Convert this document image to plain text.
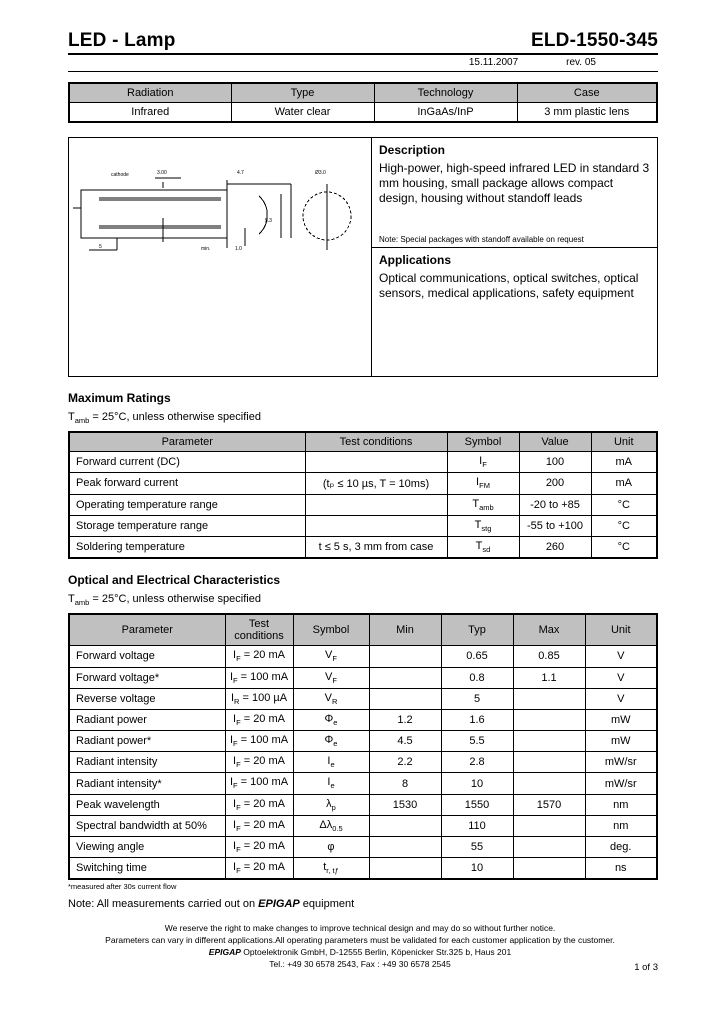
LED - Lamp	ELD-1550-345
15.11.2007	rev. 05
Radiation	Type	Technology	Case
Infrared	Water clear	InGaAs/InP	3 mm plastic lens
cathode	3.00	4.7	Ø3.0
5.3
min.	1.0
5
Description
High-power, high-speed infrared LED in standard 3 mm housing, small package allows compact design, housing without standoff leads
Note: Special packages with standoff available on request
Applications
Optical communications, optical switches, optical sensors, medical applications, safety equipment
Maximum Ratings
$T_{amb} = 25^\circ C$, unless otherwise specified
Parameter	Test conditions	Symbol	Value	Unit
Forward current (DC)		$I_F$	100	mA
Peak forward current	(tₚ ≤ 10 µs, T = 10ms)	$I_{FM}$	200	mA
Operating temperature range		$T_{amb}$	-20 to +85	°C
Storage temperature range		$T_{stg}$	-55 to +100	°C
Soldering temperature	t ≤ 5 s, 3 mm from case	$T_{sd}$	260	°C
Optical and Electrical Characteristics
$T_{amb} = 25^\circ C$, unless otherwise specified
Parameter	Test conditions	Symbol	Min	Typ	Max	Unit
Forward voltage	$I_F = 20$ mA	$V_F$		0.65	0.85	V
Forward voltage*	$I_F = 100$ mA	$V_F$		0.8	1.1	V
Reverse voltage	$I_R = 100$ µA	$V_R$		5		V
Radiant power	$I_F = 20$ mA	$\Phi_e$	1.2	1.6		mW
Radiant power*	$I_F = 100$ mA	$\Phi_e$	4.5	5.5		mW
Radiant intensity	$I_F = 20$ mA	$I_e$	2.2	2.8		mW/sr
Radiant intensity*	$I_F = 100$ mA	$I_e$	8	10		mW/sr
Peak wavelength	$I_F = 20$ mA	$\lambda_p$	1530	1550	1570	nm
Spectral bandwidth at 50%	$I_F = 20$ mA	$\Delta\lambda_{0.5}$		110		nm
Viewing angle	$I_F = 20$ mA	φ		55		deg.
Switching time	$I_F = 20$ mA	$t_{r, tƒ}$		10		ns
*measured after 30s current flow
Note: All measurements carried out on EPIGAP equipment
We reserve the right to make changes to improve technical design and may do so without further notice.
Parameters can vary in different applications.All operating parameters must be validated for each customer application by the customer.
EPIGAP Optoelektronik GmbH, D-12555 Berlin, Köpenicker Str.325 b, Haus 201
Tel.: +49 30 6578 2543, Fax : +49 30 6578 2545	1 of 3
